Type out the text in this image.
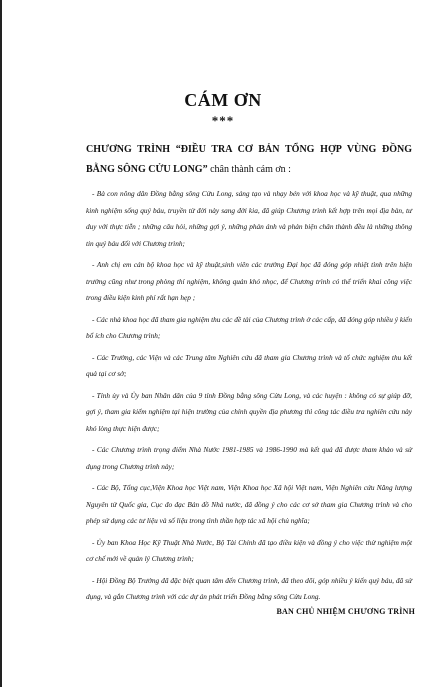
CÁM ƠN
***
CHƯƠNG TRÌNH “ĐIỀU TRA CƠ BẢN TỔNG HỢP VÙNG ĐỒNG BẰNG SÔNG CỬU LONG” chân thành cám ơn :

- Bà con nông dân Đồng bằng sông Cửu Long, sáng tạo và nhạy bén với khoa học và kỹ thuật, qua những kinh nghiệm sống quý báu, truyền từ đời này sang đời kia, đã giúp Chương trình kết hợp trên mọi địa bàn, tư duy với thực tiễn ; những câu hỏi, những gợi ý, những phản ánh và phản biện chân thành đều là những thông tin quý báu đối với Chương trình;

- Anh chị em cán bộ khoa học và kỹ thuật,sinh viên các trường Đại học đã đóng góp nhiệt tình trên hiện trường cũng như trong phòng thí nghiệm, không quản khó nhọc, để Chương trình có thể triển khai công việc trong điều kiện kinh phí rất hạn hẹp ;

- Các nhà khoa học đã tham gia nghiệm thu các đề tài của Chương trình ở các cấp, đã đóng góp nhiều ý kiến bổ ích cho Chương trình;

- Các Trường, các Viện và các Trung tâm Nghiên cứu đã tham gia Chương trình và tổ chức nghiệm thu kết quả tại cơ sở;

- Tỉnh ủy và Ủy ban Nhân dân của 9 tỉnh Đồng bằng sông Cửu Long, và các huyện : không có sự giúp đỡ, gợi ý, tham gia kiểm nghiệm tại hiện trường của chính quyền địa phương thì công tác điều tra nghiên cứu này khó lòng thực hiện được;

- Các Chương trình trọng điểm Nhà Nước 1981-1985 và 1986-1990 mà kết quả đã được tham khảo và sử dụng trong Chương trình này;

- Các Bộ, Tổng cục,Viện Khoa học Việt nam, Viện Khoa học Xã hội Việt nam, Viện Nghiên cứu Năng lượng Nguyên tử Quốc gia, Cục đo đạc Bản đồ Nhà nước, đã đồng ý cho các cơ sở tham gia Chương trình và cho phép sử dụng các tư liệu và số liệu trong tình thần hợp tác xã hội chủ nghĩa;

- Ủy ban Khoa Học Kỹ Thuật Nhà Nước, Bộ Tài Chính đã tạo điều kiện và đồng ý cho việc thử nghiệm một cơ chế mới về quản lý Chương trình;

- Hội Đồng Bộ Trưởng đã đặc biệt quan tâm đến Chương trình, đã theo dõi, góp nhiều ý kiến quý báu, đã sử dụng, và gắn Chương trình với các dự án phát triển Đồng bằng sông Cửu Long.

BAN CHỦ NHIỆM CHƯƠNG TRÌNH
